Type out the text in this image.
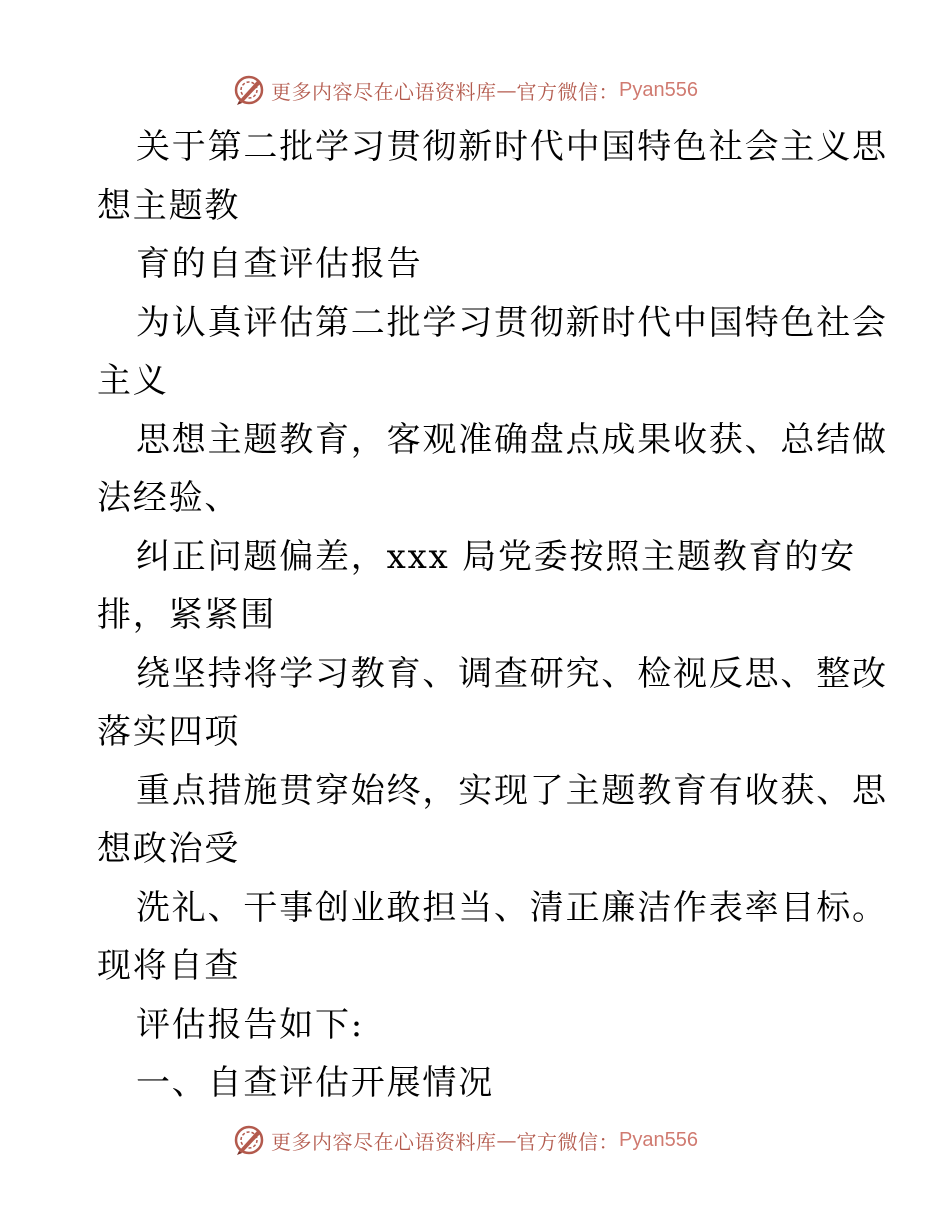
更多内容尽在心语资料库 — 官方微信： Pyan556
关于第二批学习贯彻新时代中国特色社会主义思
想主题教
育的自查评估报告
为认真评估第二批学习贯彻新时代中国特色社会
主义
思想主题教育，客观准确盘点成果收获、总结做
法经验、
纠正问题偏差，xxx 局党委按照主题教育的安
排，紧紧围
绕坚持将学习教育、调查研究、检视反思、整改
落实四项
重点措施贯穿始终，实现了主题教育有收获、思
想政治受
洗礼、干事创业敢担当、清正廉洁作表率目标。
现将自查
评估报告如下:
一、自查评估开展情况
更多内容尽在心语资料库 — 官方微信： Pyan556
